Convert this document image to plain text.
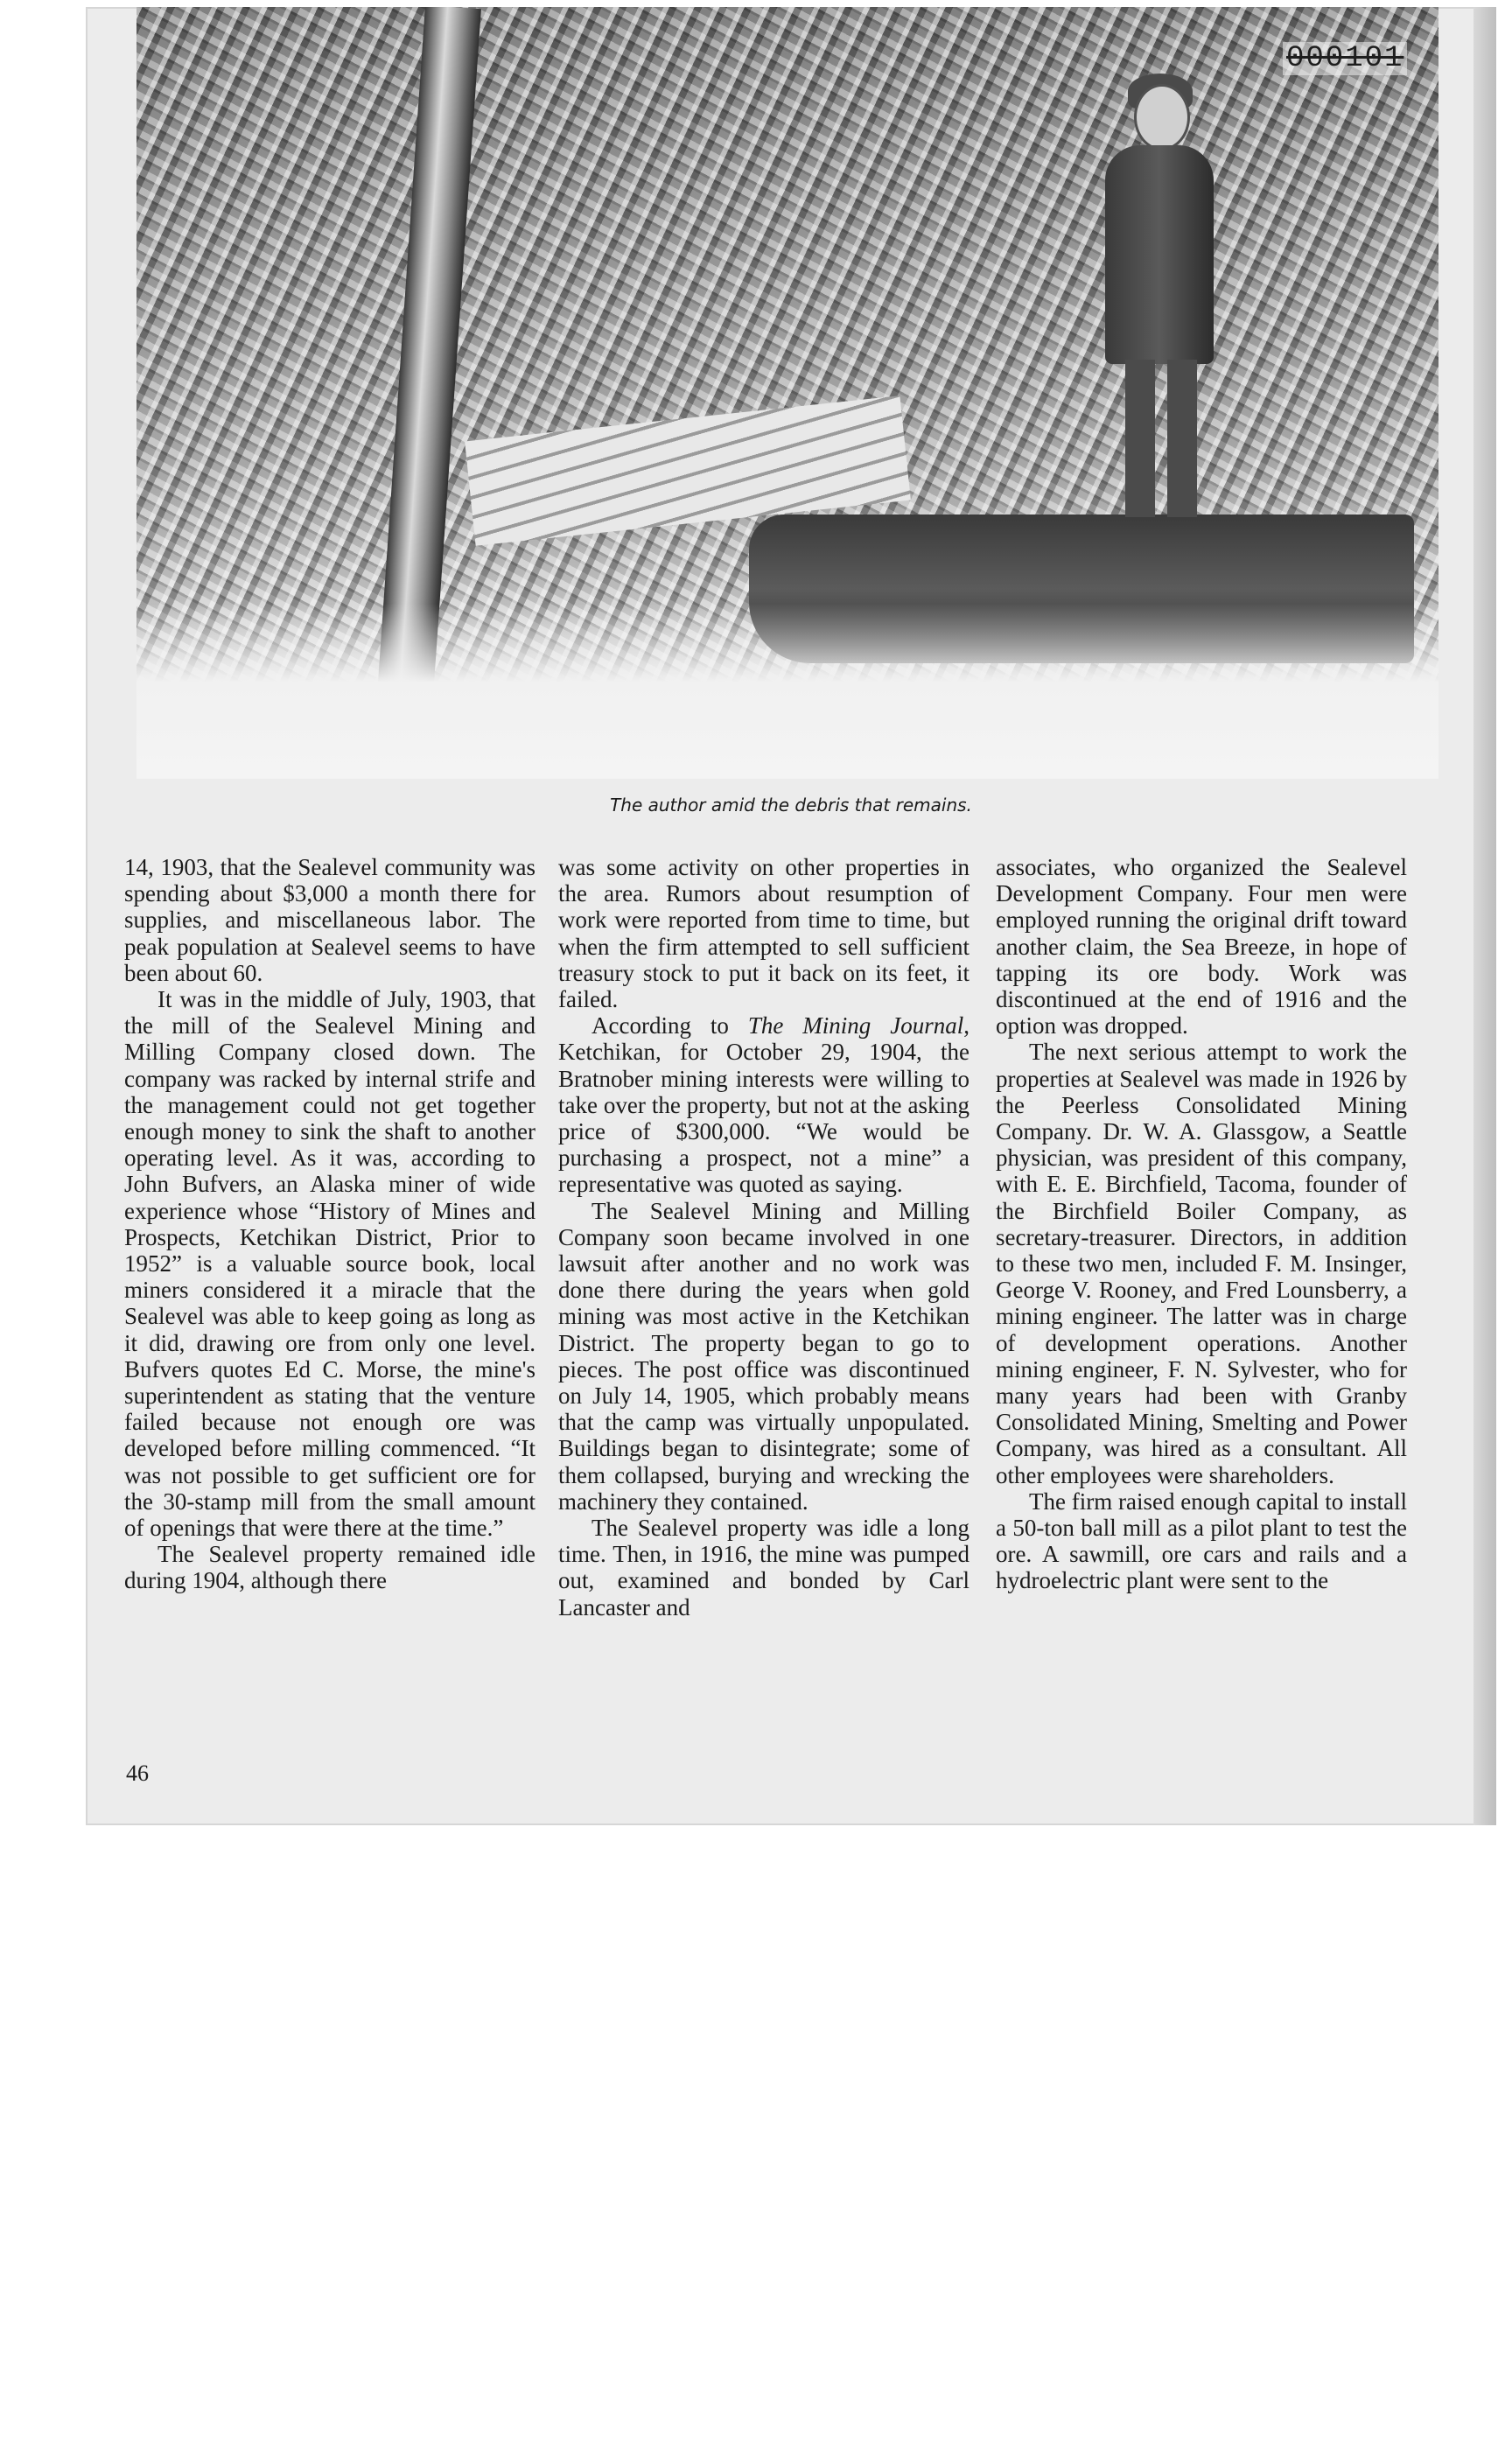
000101
The author amid the debris that remains.

14, 1903, that the Sealevel community was spending about $3,000 a month there for supplies, and miscellaneous labor. The peak population at Sealevel seems to have been about 60.

It was in the middle of July, 1903, that the mill of the Sealevel Mining and Milling Company closed down. The company was racked by internal strife and the management could not get together enough money to sink the shaft to another operating level. As it was, according to John Bufvers, an Alaska miner of wide experience whose “History of Mines and Prospects, Ketchikan District, Prior to 1952” is a valuable source book, local miners considered it a miracle that the Sealevel was able to keep going as long as it did, drawing ore from only one level. Bufvers quotes Ed C. Morse, the mine's superintendent as stating that the venture failed because not enough ore was developed before milling commenced. “It was not possible to get sufficient ore for the 30-stamp mill from the small amount of openings that were there at the time.”

The Sealevel property remained idle during 1904, although there

was some activity on other properties in the area. Rumors about resumption of work were reported from time to time, but when the firm attempted to sell sufficient treasury stock to put it back on its feet, it failed.

According to The Mining Journal, Ketchikan, for October 29, 1904, the Bratnober mining interests were willing to take over the property, but not at the asking price of $300,000. “We would be purchasing a prospect, not a mine” a representative was quoted as saying.

The Sealevel Mining and Milling Company soon became involved in one lawsuit after another and no work was done there during the years when gold mining was most active in the Ketchikan District. The property began to go to pieces. The post office was discontinued on July 14, 1905, which probably means that the camp was virtually unpopulated. Buildings began to disintegrate; some of them collapsed, burying and wrecking the machinery they contained.

The Sealevel property was idle a long time. Then, in 1916, the mine was pumped out, examined and bonded by Carl Lancaster and

associates, who organized the Sealevel Development Company. Four men were employed running the original drift toward another claim, the Sea Breeze, in hope of tapping its ore body. Work was discontinued at the end of 1916 and the option was dropped.

The next serious attempt to work the properties at Sealevel was made in 1926 by the Peerless Consolidated Mining Company. Dr. W. A. Glassgow, a Seattle physician, was president of this company, with E. E. Birchfield, Tacoma, founder of the Birchfield Boiler Company, as secretary-treasurer. Directors, in addition to these two men, included F. M. Insinger, George V. Rooney, and Fred Lounsberry, a mining engineer. The latter was in charge of development operations. Another mining engineer, F. N. Sylvester, who for many years had been with Granby Consolidated Mining, Smelting and Power Company, was hired as a consultant. All other employees were shareholders.

The firm raised enough capital to install a 50-ton ball mill as a pilot plant to test the ore. A sawmill, ore cars and rails and a hydroelectric plant were sent to the

46
